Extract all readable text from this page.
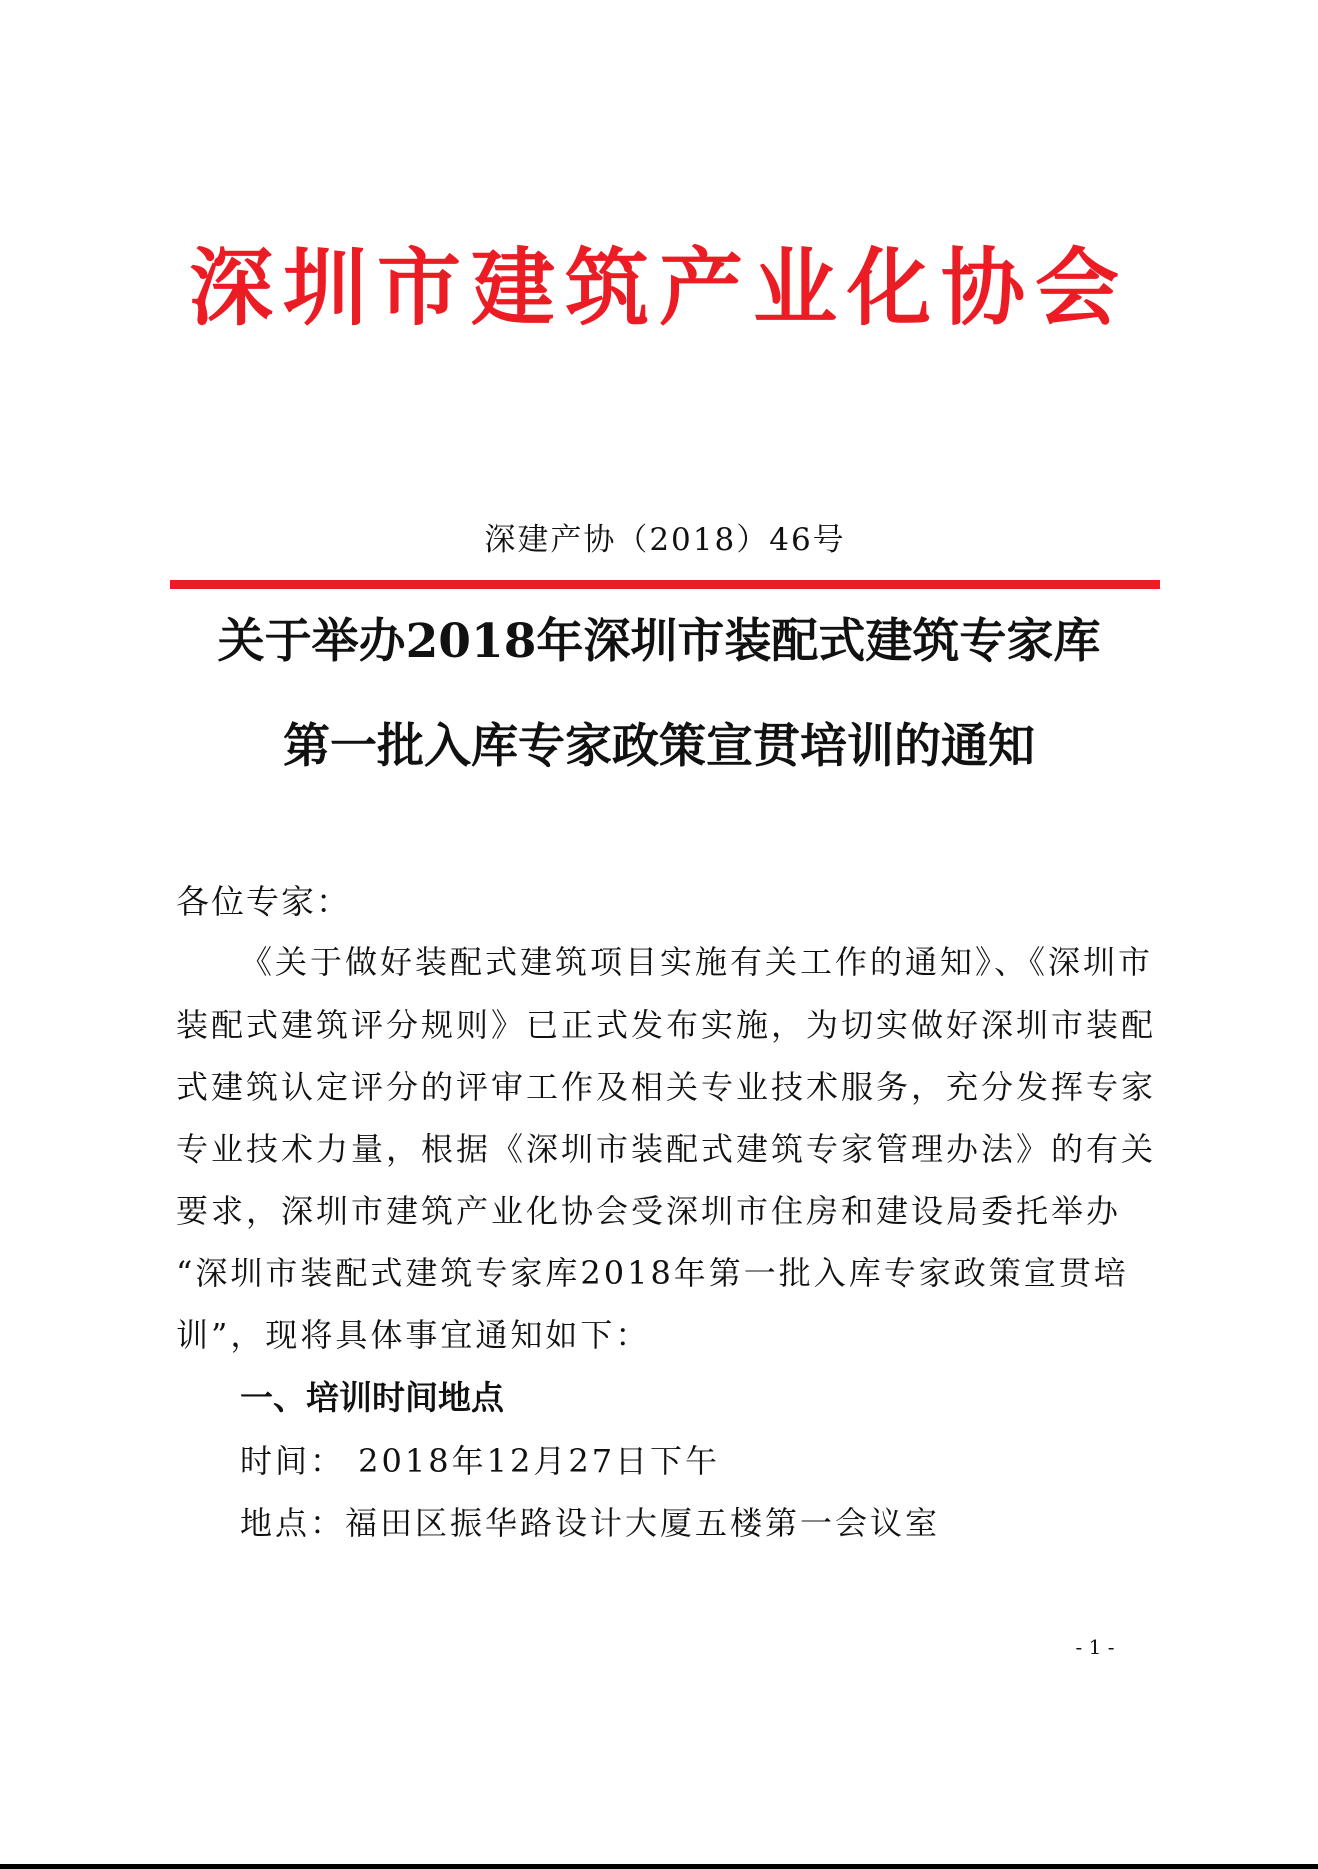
深圳市建筑产业化协会
深建产协（2018）46号
关于举办2018年深圳市装配式建筑专家库
第一批入库专家政策宣贯培训的通知
各位专家：
《关于做好装配式建筑项目实施有关工作的通知》、《深圳市
装配式建筑评分规则》已正式发布实施，为切实做好深圳市装配
式建筑认定评分的评审工作及相关专业技术服务，充分发挥专家
专业技术力量，根据《深圳市装配式建筑专家管理办法》的有关
要求，深圳市建筑产业化协会受深圳市住房和建设局委托举办
“深圳市装配式建筑专家库2018年第一批入库专家政策宣贯培
训”，现将具体事宜通知如下：
一、培训时间地点
时间： 2018年12月27日下午
地点：福田区振华路设计大厦五楼第一会议室
- 1 -
